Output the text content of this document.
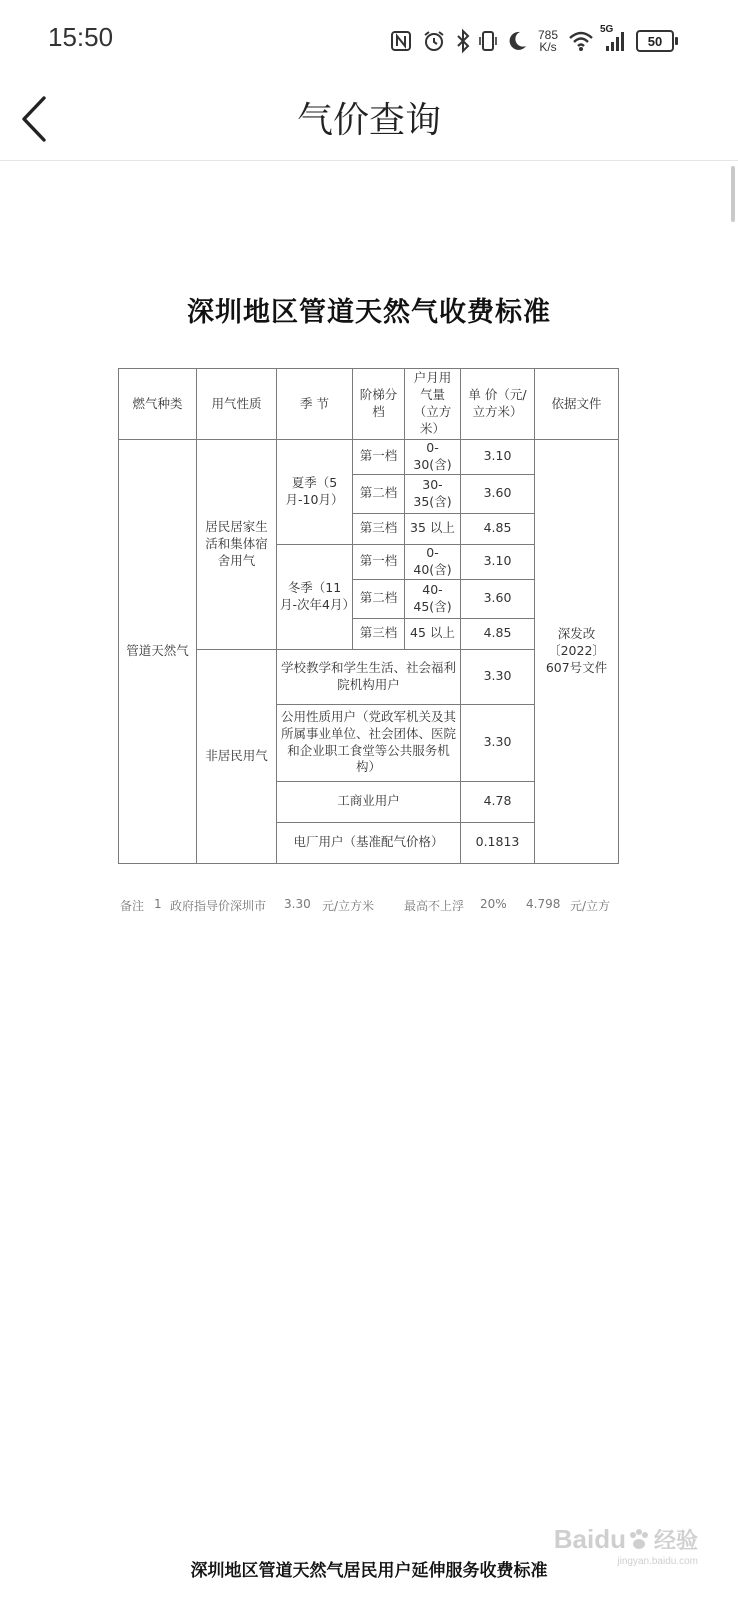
15:50	785
K/s
5G
50
气价查询
深圳地区管道天然气收费标准
燃气种类	用气性质	季 节	阶梯分档	户月用气量（立方米）	单 价（元/立方米）	依据文件
管道天然气	居民居家生活和集体宿舍用气	夏季（5月-10月）	第一档	0-30(含)	3.10	深发改〔2022〕607号文件
			第二档	30-35(含)	3.60	
			第三档	35 以上	4.85	
		冬季（11月-次年4月）	第一档	0-40(含)	3.10	
			第二档	40-45(含)	3.60	
			第三档	45 以上	4.85	
	非居民用气	学校教学和学生生活、社会福利院机构用户			3.30	
		公用性质用户（党政军机关及其所属事业单位、社会团体、医院和企业职工食堂等公共服务机构）			3.30	
		工商业用户			4.78	
		电厂用户（基准配气价格）			0.1813	
备注 1 政府指导价深圳市 3.30 元/立方米 最高不上浮 20% 4.798 元/立方
Baidu 经验
jingyan.baidu.com
深圳地区管道天然气居民用户延伸服务收费标准
